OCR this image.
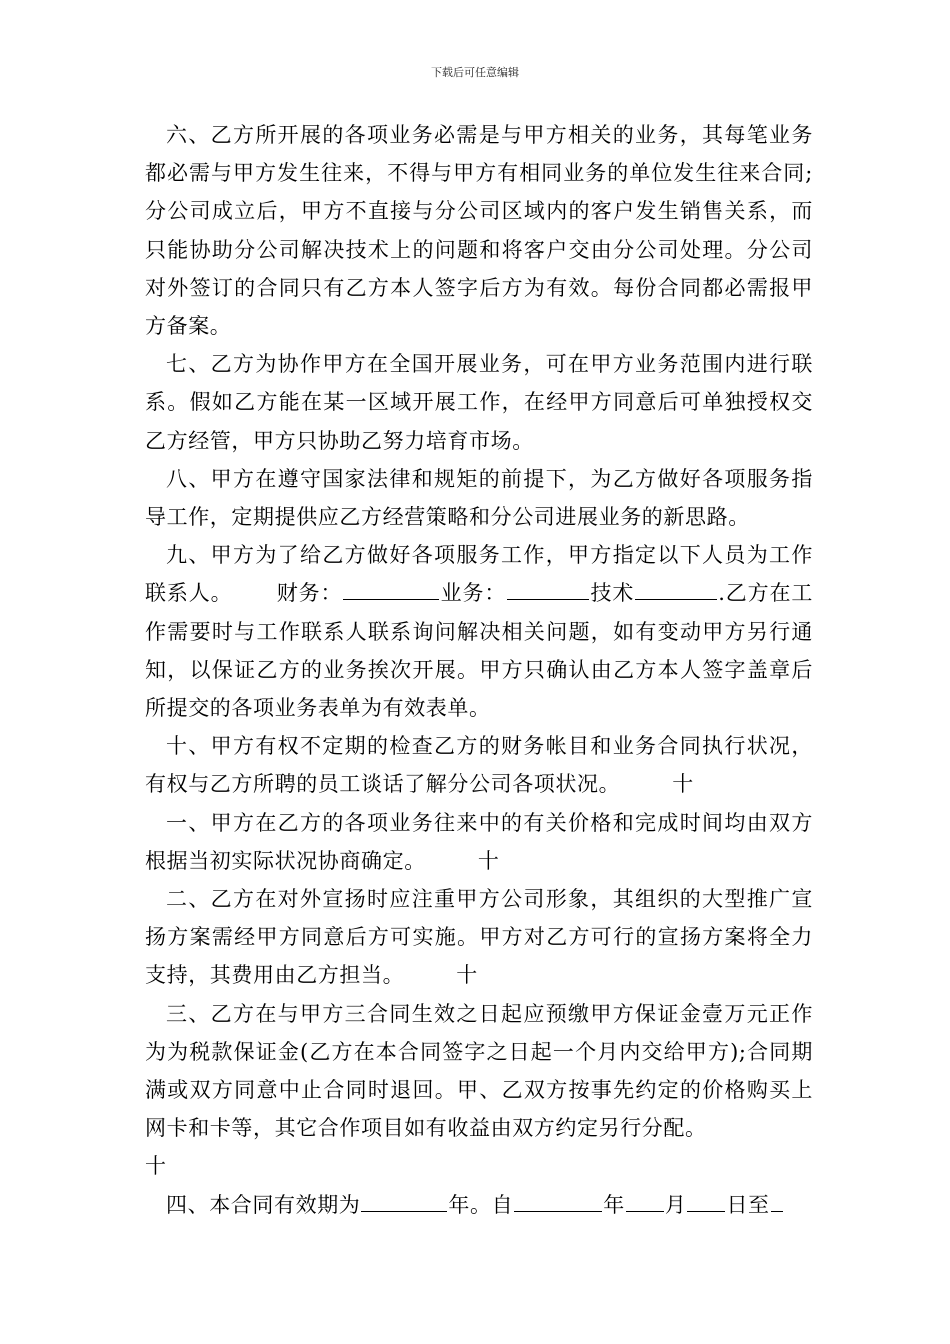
下载后可任意编辑

六、乙方所开展的各项业务必需是与甲方相关的业务，其每笔业务都必需与甲方发生往来，不得与甲方有相同业务的单位发生往来合同;分公司成立后，甲方不直接与分公司区域内的客户发生销售关系，而只能协助分公司解决技术上的问题和将客户交由分公司处理。分公司对外签订的合同只有乙方本人签字后方为有效。每份合同都必需报甲方备案。

七、乙方为协作甲方在全国开展业务，可在甲方业务范围内进行联系。假如乙方能在某一区域开展工作，在经甲方同意后可单独授权交乙方经管，甲方只协助乙努力培育市场。

八、甲方在遵守国家法律和规矩的前提下，为乙方做好各项服务指导工作，定期提供应乙方经营策略和分公司进展业务的新思路。

九、甲方为了给乙方做好各项服务工作，甲方指定以下人员为工作联系人。 财务：	业务：	技术	.乙方在工作需要时与工作联系人联系询问解决相关问题，如有变动甲方另行通知，以保证乙方的业务挨次开展。甲方只确认由乙方本人签字盖章后所提交的各项业务表单为有效表单。

十、甲方有权不定期的检查乙方的财务帐目和业务合同执行状况，有权与乙方所聘的员工谈话了解分公司各项状况。 十

一、甲方在乙方的各项业务往来中的有关价格和完成时间均由双方根据当初实际状况协商确定。 十

二、乙方在对外宣扬时应注重甲方公司形象，其组织的大型推广宣扬方案需经甲方同意后方可实施。甲方对乙方可行的宣扬方案将全力支持，其费用由乙方担当。 十

三、乙方在与甲方三合同生效之日起应预缴甲方保证金壹万元正作为为税款保证金(乙方在本合同签字之日起一个月内交给甲方);合同期满或双方同意中止合同时退回。甲、乙双方按事先约定的价格购买上网卡和卡等，其它合作项目如有收益由双方约定另行分配。

十

四、本合同有效期为	年。自	年 月 日至
